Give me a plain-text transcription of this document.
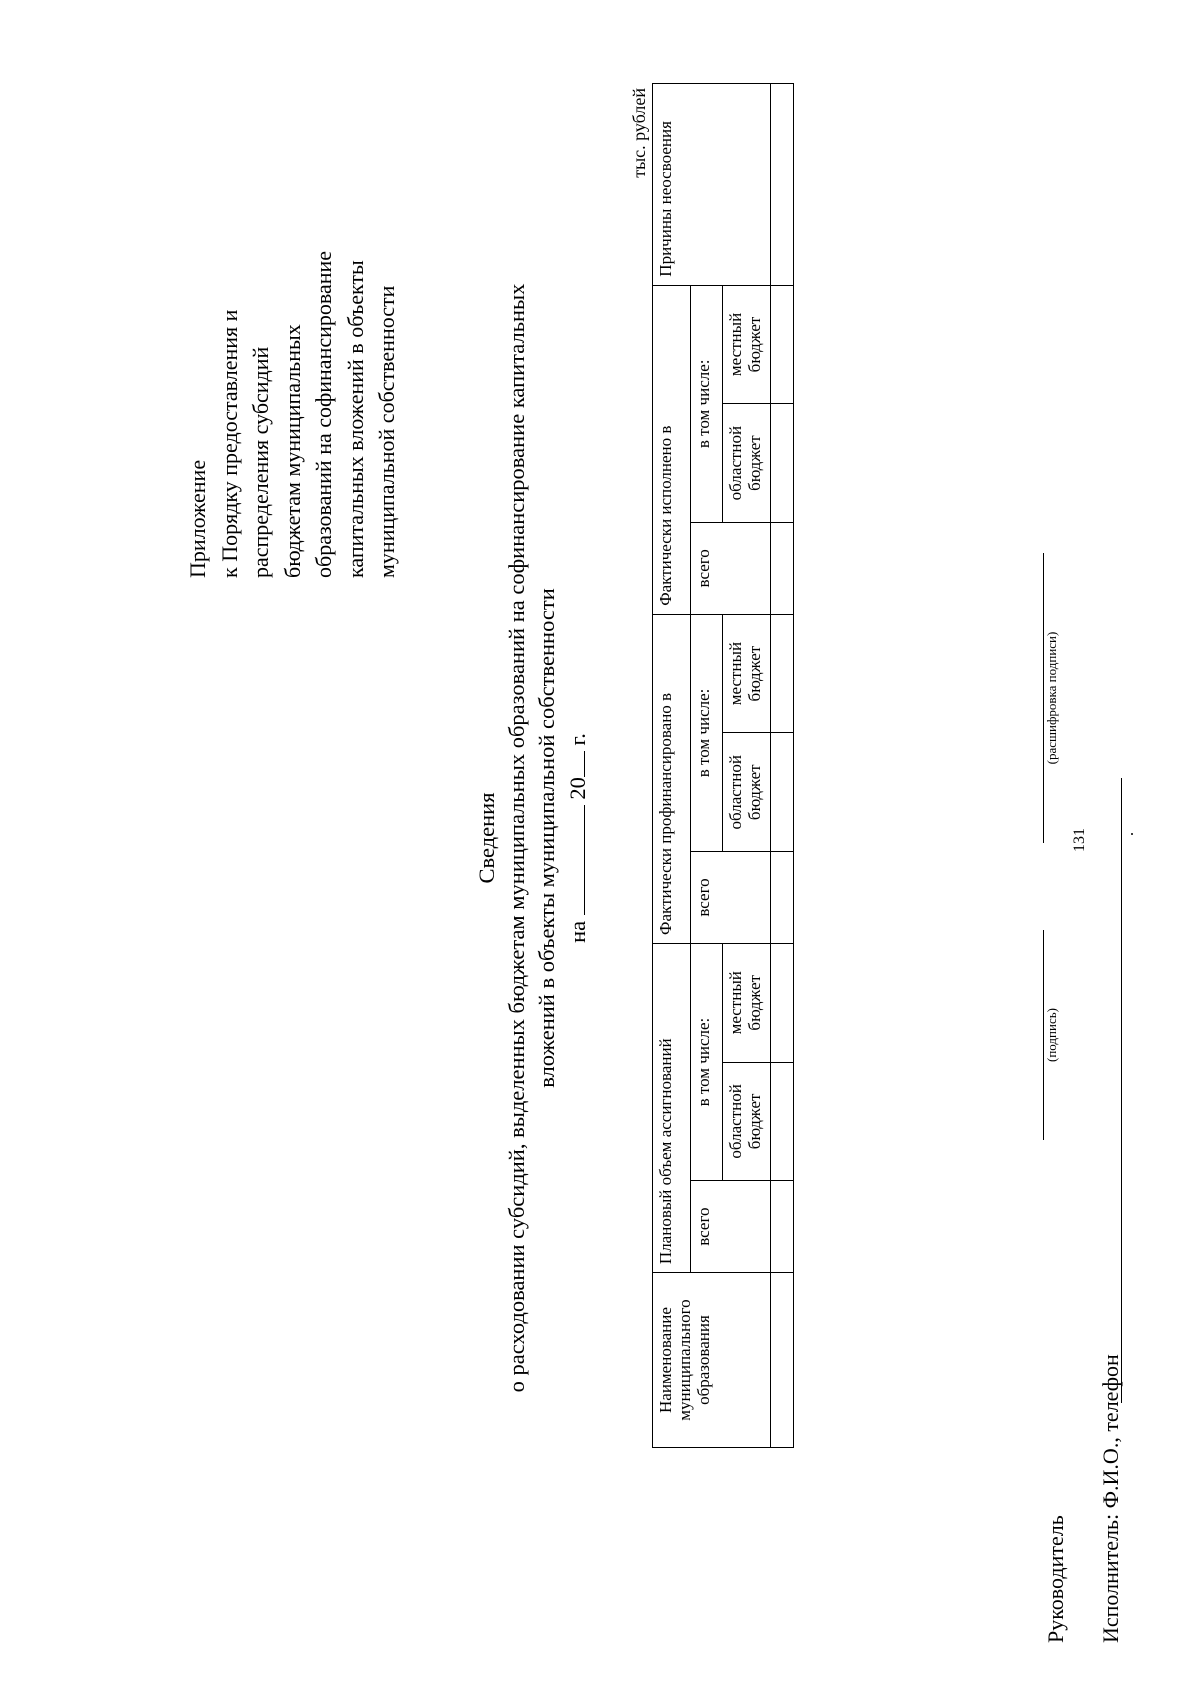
131
Приложение к Порядку предоставления и распределения субсидий бюджетам муниципальных образований на софинансирование капитальных вложений в объекты муниципальной собственности
Сведения о расходовании субсидий, выделенных бюджетам муниципальных образований на софинансирование капитальных вложений в объекты муниципальной собственности на  20 г.
тыс. рублей
Наименование муниципального образования	Плановый объем ассигнований			Фактически профинансировано в			Фактически исполнено в			Причины неосвоения
	всего	в том числе:		всего	в том числе:		всего	в том числе:		
		областной бюджет	местный бюджет		областной бюджет	местный бюджет		областной бюджет	местный бюджет	

Руководитель
(подпись)
(расшифровка подписи)
Исполнитель: Ф.И.О., телефон
